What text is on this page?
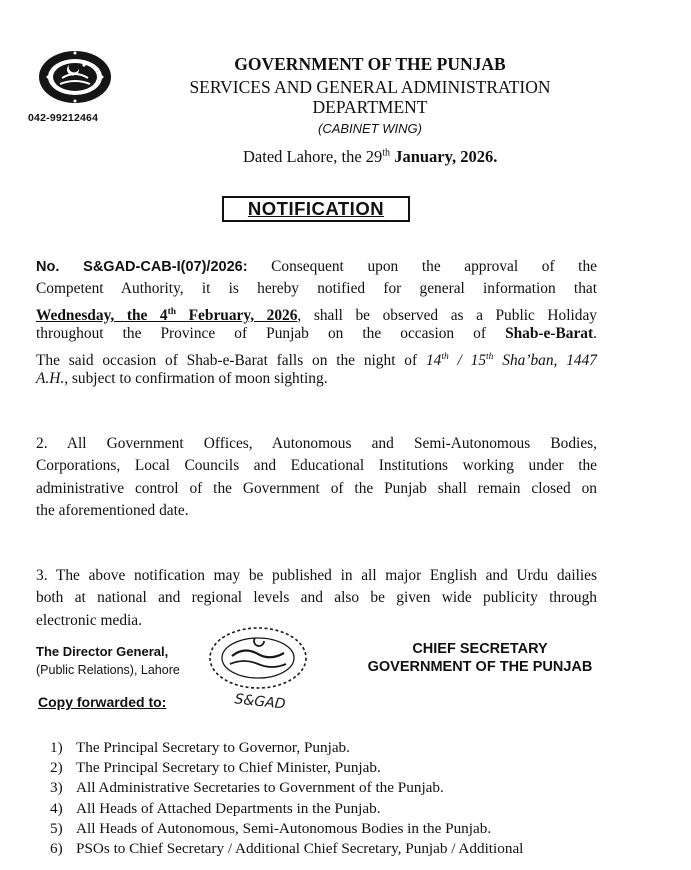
042-99212464
GOVERNMENT OF THE PUNJAB
SERVICES AND GENERAL ADMINISTRATION
DEPARTMENT
(CABINET WING)
Dated Lahore, the 29th January, 2026.
NOTIFICATION
No. S&GAD-CAB-I(07)/2026: Consequent upon the approval of the
Competent Authority, it is hereby notified for general information that
Wednesday, the 4th February, 2026, shall be observed as a Public Holiday
throughout the Province of Punjab on the occasion of Shab-e-Barat.
The said occasion of Shab-e-Barat falls on the night of 14th / 15th Sha’ban, 1447
A.H., subject to confirmation of moon sighting.
2. All Government Offices, Autonomous and Semi-Autonomous Bodies,
Corporations, Local Councils and Educational Institutions working under the
administrative control of the Government of the Punjab shall remain closed on
the aforementioned date.
3. The above notification may be published in all major English and Urdu dailies
both at national and regional levels and also be given wide publicity through
electronic media.
S&GAD
The Director General,
(Public Relations), Lahore
CHIEF SECRETARY
GOVERNMENT OF THE PUNJAB
Copy forwarded to:
1) The Principal Secretary to Governor, Punjab.
2) The Principal Secretary to Chief Minister, Punjab.
3) All Administrative Secretaries to Government of the Punjab.
4) All Heads of Attached Departments in the Punjab.
5) All Heads of Autonomous, Semi-Autonomous Bodies in the Punjab.
6) PSOs to Chief Secretary / Additional Chief Secretary, Punjab / Additional
